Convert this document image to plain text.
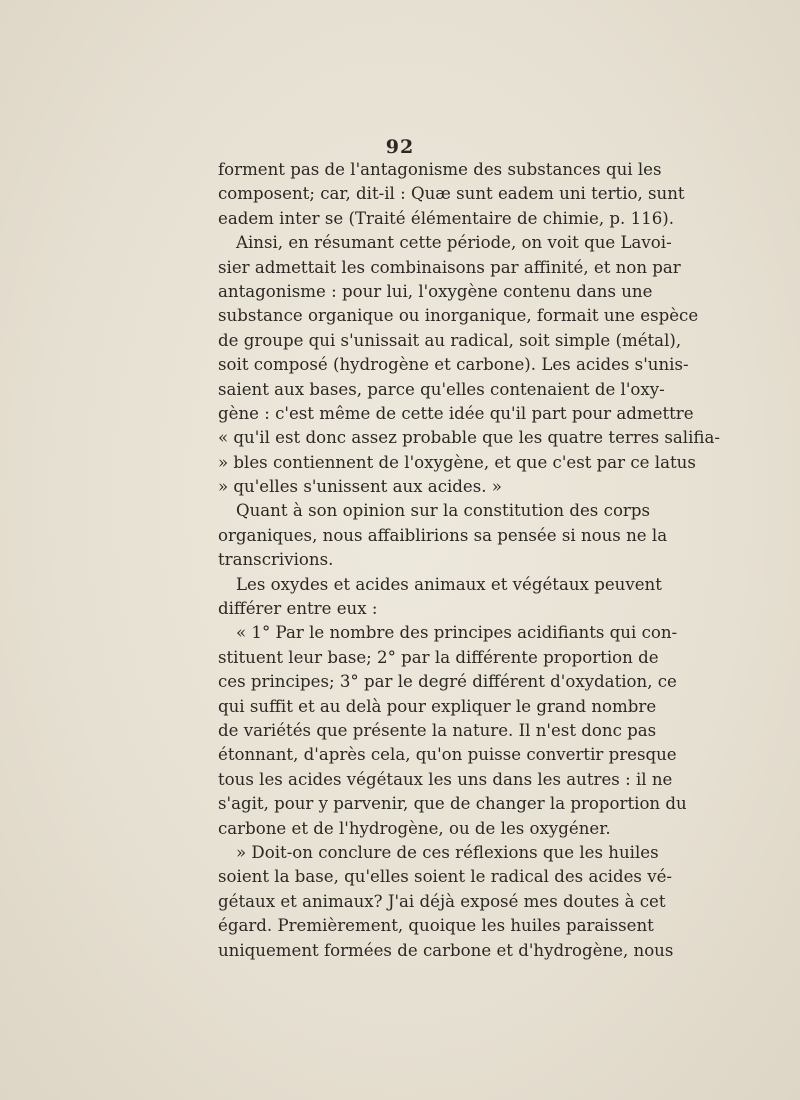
92
forment pas de l'antagonisme des substances qui les
composent; car, dit-il : Quæ sunt eadem uni tertio, sunt
eadem inter se (Traité élémentaire de chimie, p. 116).
Ainsi, en résumant cette période, on voit que Lavoi-
sier admettait les combinaisons par affinité, et non par
antagonisme : pour lui, l'oxygène contenu dans une
substance organique ou inorganique, formait une espèce
de groupe qui s'unissait au radical, soit simple (métal),
soit composé (hydrogène et carbone). Les acides s'unis-
saient aux bases, parce qu'elles contenaient de l'oxy-
gène : c'est même de cette idée qu'il part pour admettre
« qu'il est donc assez probable que les quatre terres salifia-
» bles contiennent de l'oxygène, et que c'est par ce latus
» qu'elles s'unissent aux acides. »
Quant à son opinion sur la constitution des corps
organiques, nous affaiblirions sa pensée si nous ne la
transcrivions.
Les oxydes et acides animaux et végétaux peuvent
différer entre eux :
« 1° Par le nombre des principes acidifiants qui con-
stituent leur base; 2° par la différente proportion de
ces principes; 3° par le degré différent d'oxydation, ce
qui suffit et au delà pour expliquer le grand nombre
de variétés que présente la nature. Il n'est donc pas
étonnant, d'après cela, qu'on puisse convertir presque
tous les acides végétaux les uns dans les autres : il ne
s'agit, pour y parvenir, que de changer la proportion du
carbone et de l'hydrogène, ou de les oxygéner.
» Doit-on conclure de ces réflexions que les huiles
soient la base, qu'elles soient le radical des acides vé-
gétaux et animaux? J'ai déjà exposé mes doutes à cet
égard. Premièrement, quoique les huiles paraissent
uniquement formées de carbone et d'hydrogène, nous
